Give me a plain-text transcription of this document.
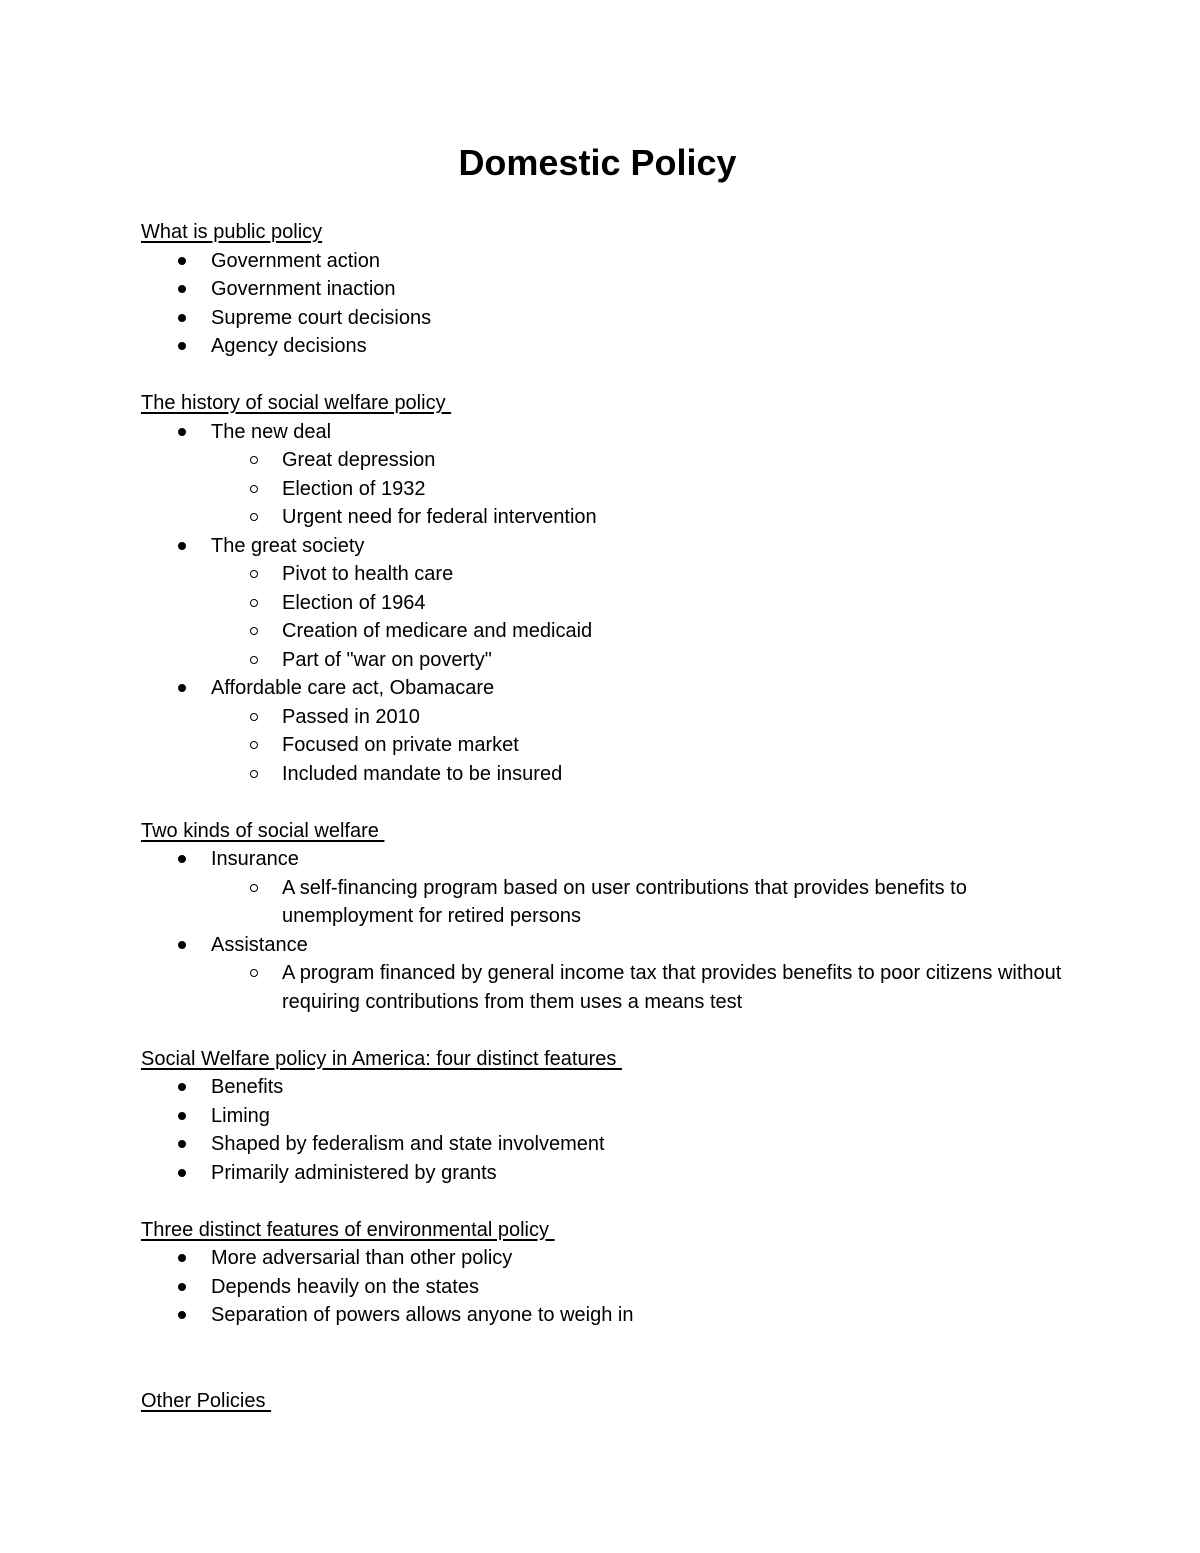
Domestic Policy

What is public policy

Government action
Government inaction
Supreme court decisions
Agency decisions

The history of social welfare policy

The new deal
Great depression
Election of 1932
Urgent need for federal intervention
The great society
Pivot to health care
Election of 1964
Creation of medicare and medicaid
Part of "war on poverty"
Affordable care act, Obamacare
Passed in 2010
Focused on private market
Included mandate to be insured

Two kinds of social welfare

Insurance
A self-financing program based on user contributions that provides benefits to unemployment for retired persons
Assistance
A program financed by general income tax that provides benefits to poor citizens without requiring contributions from them uses a means test

Social Welfare policy in America: four distinct features

Benefits
Liming
Shaped by federalism and state involvement
Primarily administered by grants

Three distinct features of environmental policy

More adversarial than other policy
Depends heavily on the states
Separation of powers allows anyone to weigh in

Other Policies
